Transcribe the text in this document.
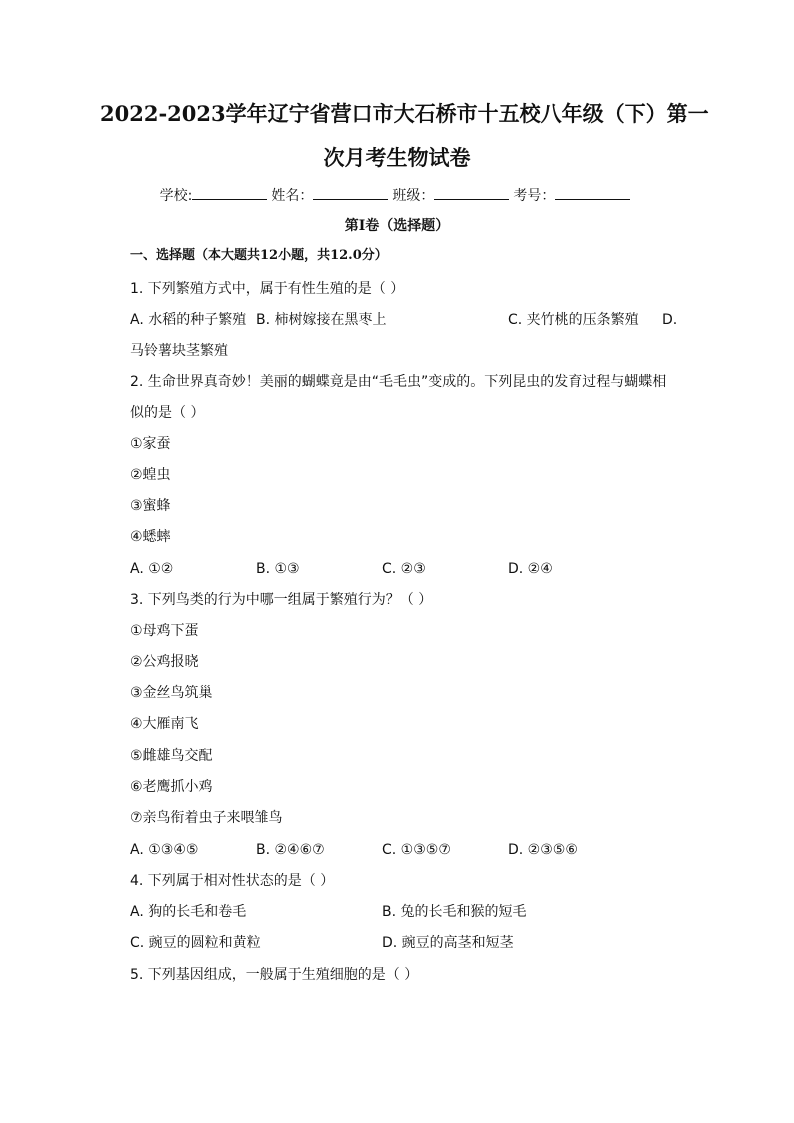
2022-2023学年辽宁省营口市大石桥市十五校八年级（下）第一
次月考生物试卷
学校:	姓名：	班级：	考号：
第I卷（选择题）
一、选择题（本大题共12小题，共12.0分）
1. 下列繁殖方式中，属于有性生殖的是（ ）
A. 水稻的种子繁殖 B. 柿树嫁接在黑枣上	C. 夹竹桃的压条繁殖 D.
马铃薯块茎繁殖
2. 生命世界真奇妙！美丽的蝴蝶竟是由“毛毛虫”变成的。下列昆虫的发育过程与蝴蝶相
似的是（ ）
①家蚕
②蝗虫
③蜜蜂
④蟋蟀
A. ①②	B. ①③	C. ②③	D. ②④
3. 下列鸟类的行为中哪一组属于繁殖行为？（ ）
①母鸡下蛋
②公鸡报晓
③金丝鸟筑巢
④大雁南飞
⑤雌雄鸟交配
⑥老鹰抓小鸡
⑦亲鸟衔着虫子来喂雏鸟
A. ①③④⑤	B. ②④⑥⑦	C. ①③⑤⑦	D. ②③⑤⑥
4. 下列属于相对性状态的是（ ）
A. 狗的长毛和卷毛	B. 兔的长毛和猴的短毛
C. 豌豆的圆粒和黄粒	D. 豌豆的高茎和短茎
5. 下列基因组成，一般属于生殖细胞的是（ ）
